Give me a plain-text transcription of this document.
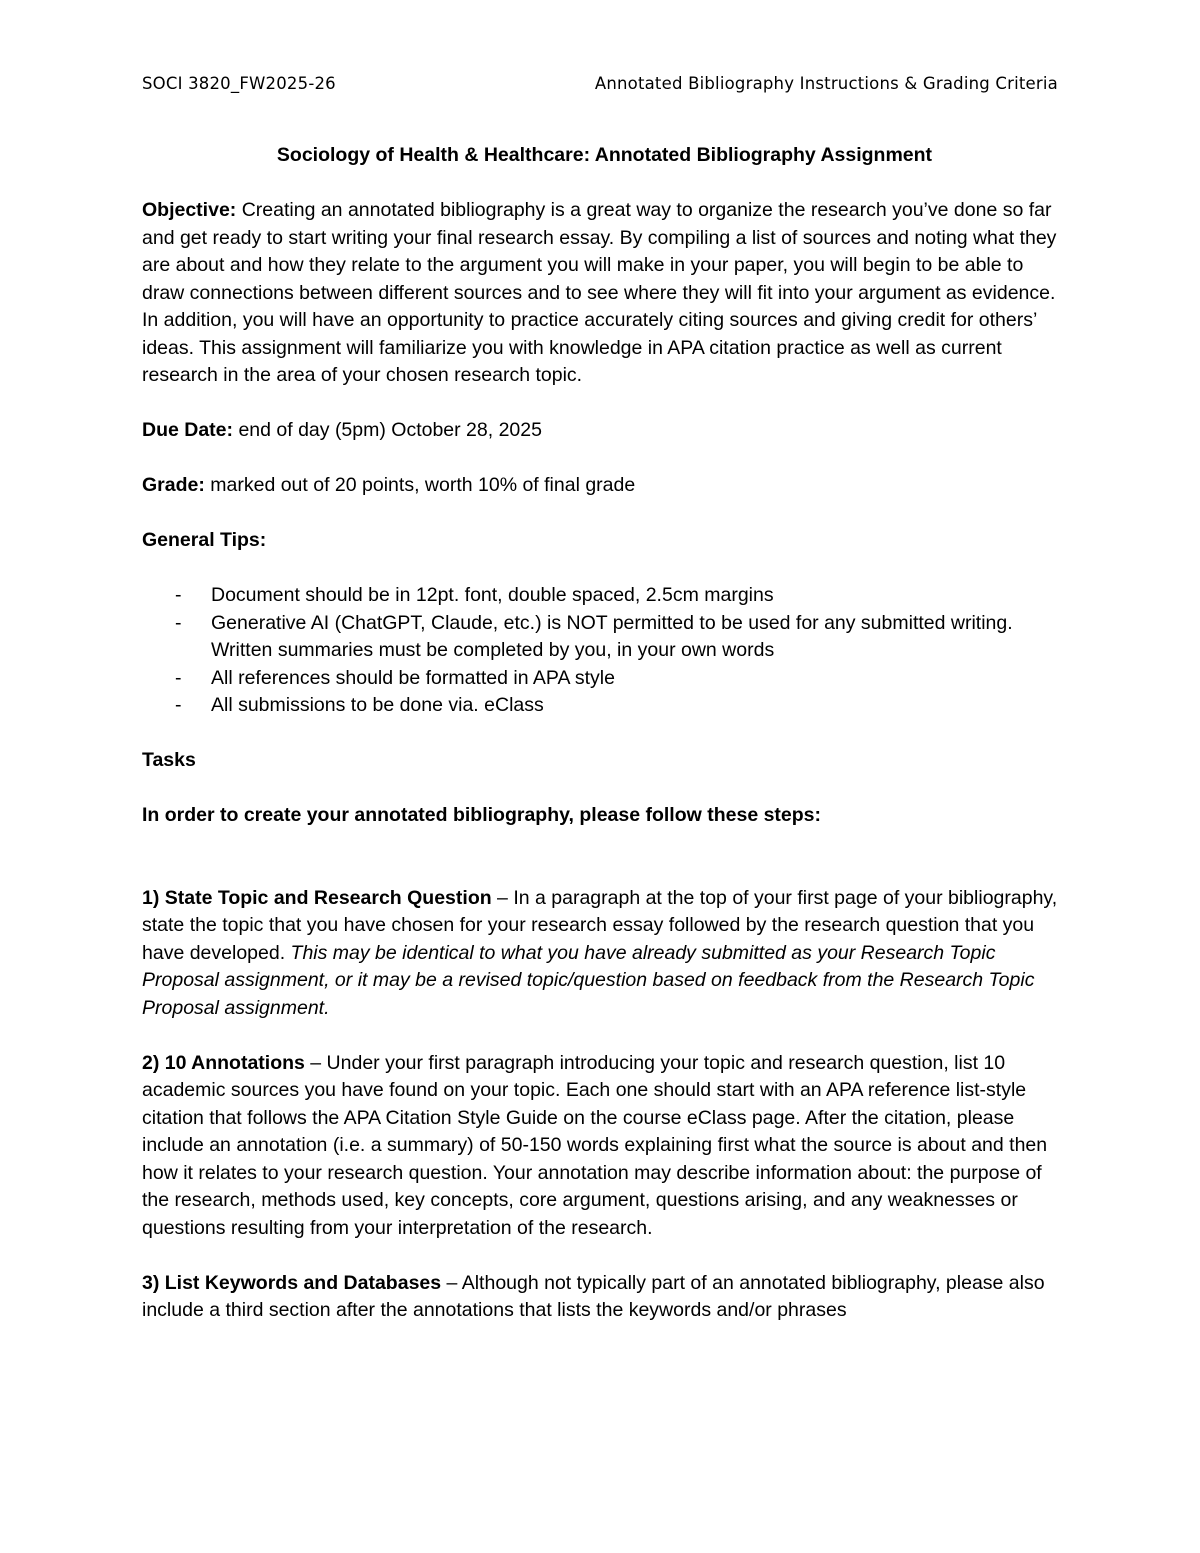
SOCI 3820_FW2025-26	Annotated Bibliography Instructions & Grading Criteria
Sociology of Health & Healthcare: Annotated Bibliography Assignment

Objective: Creating an annotated bibliography is a great way to organize the research you’ve done so far and get ready to start writing your final research essay. By compiling a list of sources and noting what they are about and how they relate to the argument you will make in your paper, you will begin to be able to draw connections between different sources and to see where they will fit into your argument as evidence. In addition, you will have an opportunity to practice accurately citing sources and giving credit for others’ ideas. This assignment will familiarize you with knowledge in APA citation practice as well as current research in the area of your chosen research topic.

Due Date: end of day (5pm) October 28, 2025

Grade: marked out of 20 points, worth 10% of final grade

General Tips:

- Document should be in 12pt. font, double spaced, 2.5cm margins
- Generative AI (ChatGPT, Claude, etc.) is NOT permitted to be used for any submitted writing. Written summaries must be completed by you, in your own words
- All references should be formatted in APA style
- All submissions to be done via. eClass

Tasks

In order to create your annotated bibliography, please follow these steps:

1) State Topic and Research Question – In a paragraph at the top of your first page of your bibliography, state the topic that you have chosen for your research essay followed by the research question that you have developed. This may be identical to what you have already submitted as your Research Topic Proposal assignment, or it may be a revised topic/question based on feedback from the Research Topic Proposal assignment.

2) 10 Annotations – Under your first paragraph introducing your topic and research question, list 10 academic sources you have found on your topic. Each one should start with an APA reference list-style citation that follows the APA Citation Style Guide on the course eClass page. After the citation, please include an annotation (i.e. a summary) of 50-150 words explaining first what the source is about and then how it relates to your research question. Your annotation may describe information about: the purpose of the research, methods used, key concepts, core argument, questions arising, and any weaknesses or questions resulting from your interpretation of the research.

3) List Keywords and Databases – Although not typically part of an annotated bibliography, please also include a third section after the annotations that lists the keywords and/or phrases
